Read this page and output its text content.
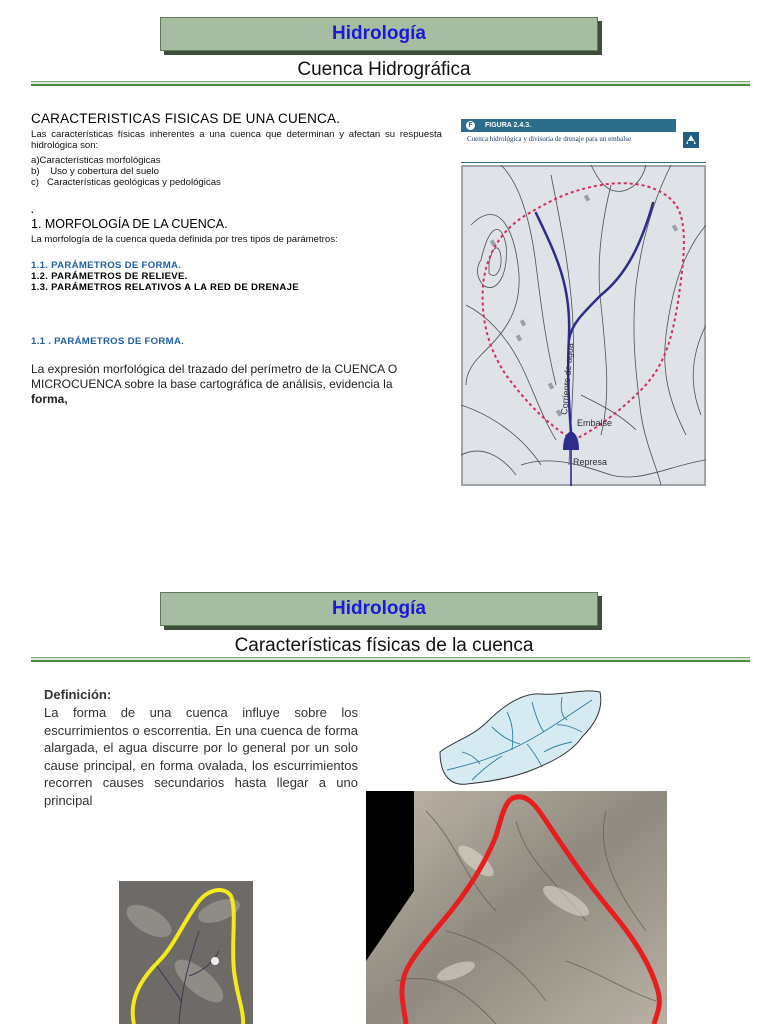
Hidrología
Cuenca Hidrográfica
CARACTERISTICAS FISICAS DE UNA CUENCA.
Las características físicas inherentes a una cuenca que determinan y afectan su respuesta hidrológica son:
a)Características morfológicas
b)    Uso y cobertura del suelo
c)   Características geológicas y pedológicas
.
1. MORFOLOGÍA DE LA CUENCA.
La morfología de la cuenca queda definida por tres tipos de parámetros:
1.1. PARÁMETROS DE FORMA.
1.2. PARÁMETROS DE RELIEVE.
1.3. PARÁMETROS RELATIVOS A LA RED DE DRENAJE
1.1 . PARÁMETROS DE FORMA.
La expresión morfológica del trazado del perímetro de la CUENCA O MICROCUENCA sobre la base cartográfica de análisis, evidencia la forma,
F FIGURA 2.4.3.
Cuenca hidrológica y divisoria de drenaje para un embalse
Corriente de agua
Embalse
Represa
Hidrología
Características físicas de la cuenca
Definición:
La forma de una cuenca influye sobre los escurrimientos o escorrentia. En una cuenca de forma alargada, el agua discurre por lo general por un solo cause principal, en forma ovalada, los escurrimientos recorren causes secundarios hasta llegar a uno principal
